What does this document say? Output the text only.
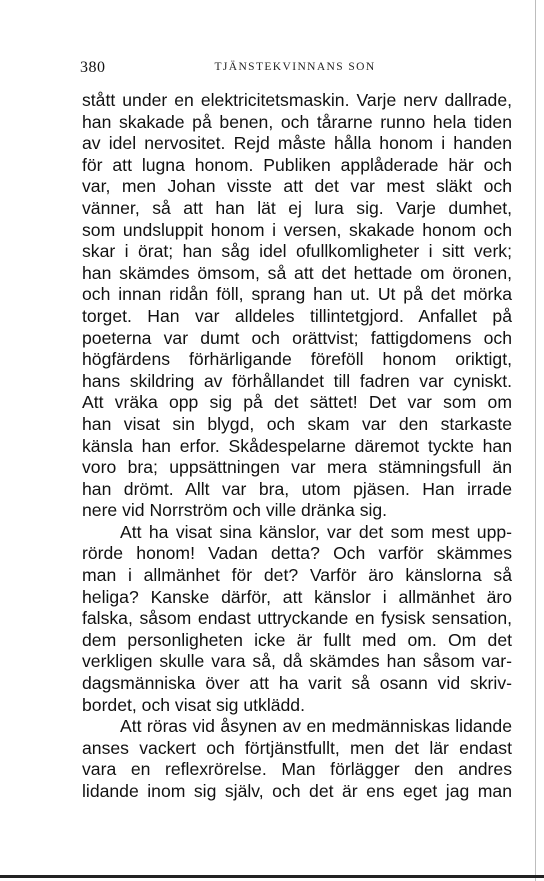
380	TJÄNSTEKVINNANS SON
stått under en elektricitetsmaskin. Varje nerv dallrade,
han skakade på benen, och tårarne runno hela tiden
av idel nervositet. Rejd måste hålla honom i handen
för att lugna honom. Publiken applåderade här och
var, men Johan visste att det var mest släkt och
vänner, så att han lät ej lura sig. Varje dumhet,
som undsluppit honom i versen, skakade honom och
skar i örat; han såg idel ofullkomligheter i sitt verk;
han skämdes ömsom, så att det hettade om öronen,
och innan ridån föll, sprang han ut. Ut på det mörka
torget. Han var alldeles tillintetgjord. Anfallet på
poeterna var dumt och orättvist; fattigdomens och
högfärdens förhärligande föreföll honom oriktigt,
hans skildring av förhållandet till fadren var cyniskt.
Att vräka opp sig på det sättet! Det var som om
han visat sin blygd, och skam var den starkaste
känsla han erfor. Skådespelarne däremot tyckte han
voro bra; uppsättningen var mera stämningsfull än
han drömt. Allt var bra, utom pjäsen. Han irrade
nere vid Norrström och ville dränka sig.
Att ha visat sina känslor, var det som mest upp-
rörde honom! Vadan detta? Och varför skämmes
man i allmänhet för det? Varför äro känslorna så
heliga? Kanske därför, att känslor i allmänhet äro
falska, såsom endast uttryckande en fysisk sensation,
dem personligheten icke är fullt med om. Om det
verkligen skulle vara så, då skämdes han såsom var-
dagsmänniska över att ha varit så osann vid skriv-
bordet, och visat sig utklädd.
Att röras vid åsynen av en medmänniskas lidande
anses vackert och förtjänstfullt, men det lär endast
vara en reflexrörelse. Man förlägger den andres
lidande inom sig själv, och det är ens eget jag man
